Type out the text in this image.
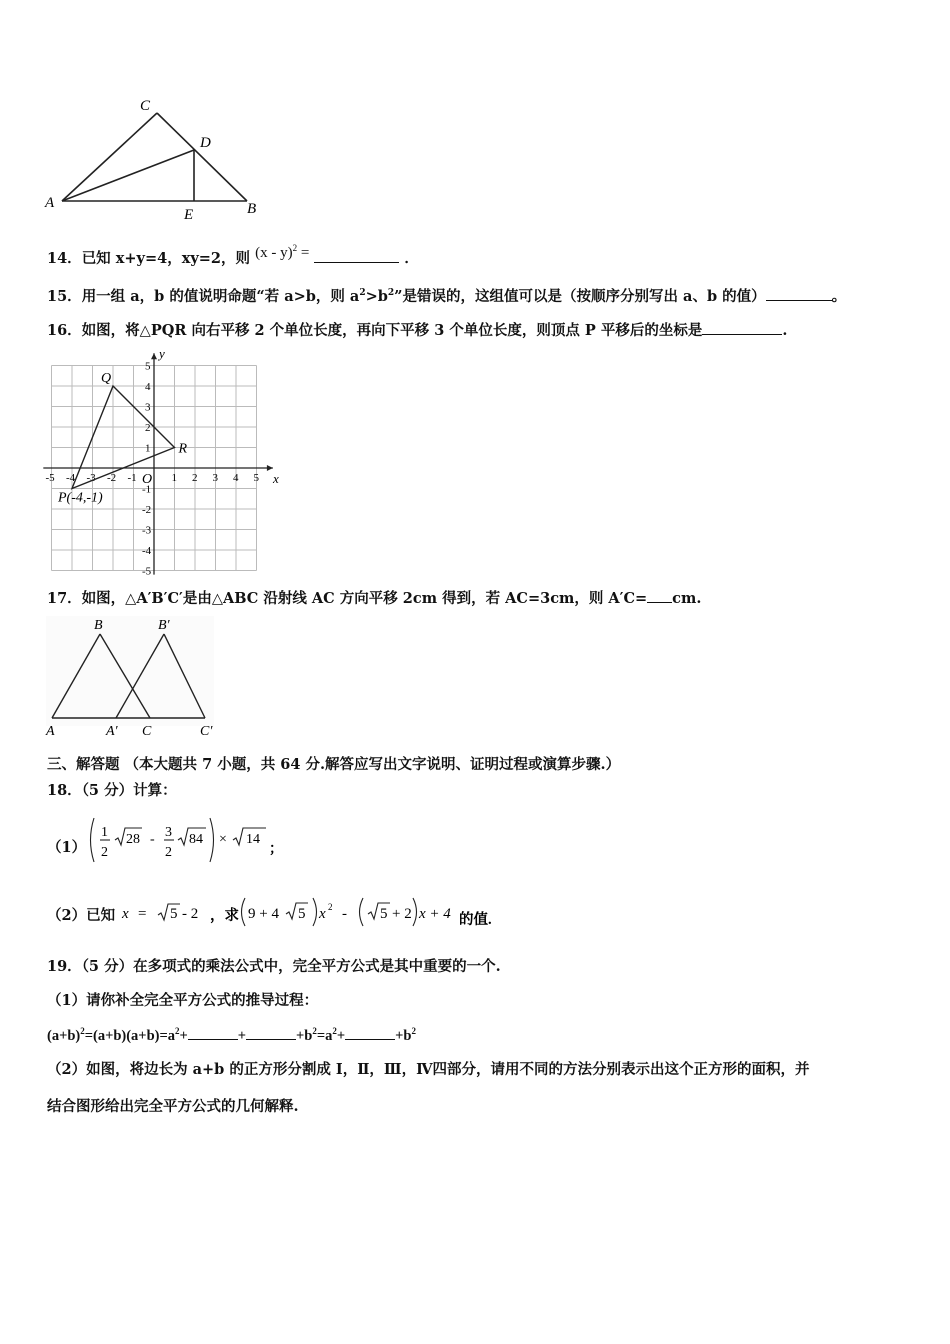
C
D
A
E	B
14．已知 x+y=4，xy=2，则 (x - y)$^2$ =	．
15．用一组 a，b 的值说明命题“若 a>b，则 $a^2>b^2$”是错误的，这组值可以是（按顺序分别写出 a、b 的值）	。
16．如图，将△PQR 向右平移 2 个单位长度，再向下平移 3 个单位长度，则顶点 P 平移后的坐标是	.
-5 -4 -3 -2 -1	1 2 3 4 5
5
4
3
2
1
-1
-2
-3
-4
-5
y
x
O
Q
R
P(-4,-1)
17．如图，△A′B′C′是由△ABC 沿射线 AC 方向平移 2cm 得到，若 AC=3cm，则 A′C= cm.
B	B′
A	A′ C	C′
三、解答题 （本大题共 7 小题，共 64 分.解答应写出文字说明、证明过程或演算步骤.）
18．（5 分）计算：
（1）
1
2
28 - 3
2
84 × 14
；
（2）已知 x = 5 - 2 ，求 9 + 4 5 x 2 - 5 + 2 x + 4 的值.
19．（5 分）在多项式的乘法公式中，完全平方公式是其中重要的一个.
（1）请你补全完全平方公式的推导过程：
$(a+b)^2=(a+b)(a+b)=a^2+$	+	$+b^2=a^2+$	$+b^2$
（2）如图，将边长为 a+b 的正方形分割成 I，Ⅱ，Ⅲ，Ⅳ四部分，请用不同的方法分别表示出这个正方形的面积，并
结合图形给出完全平方公式的几何解释.
